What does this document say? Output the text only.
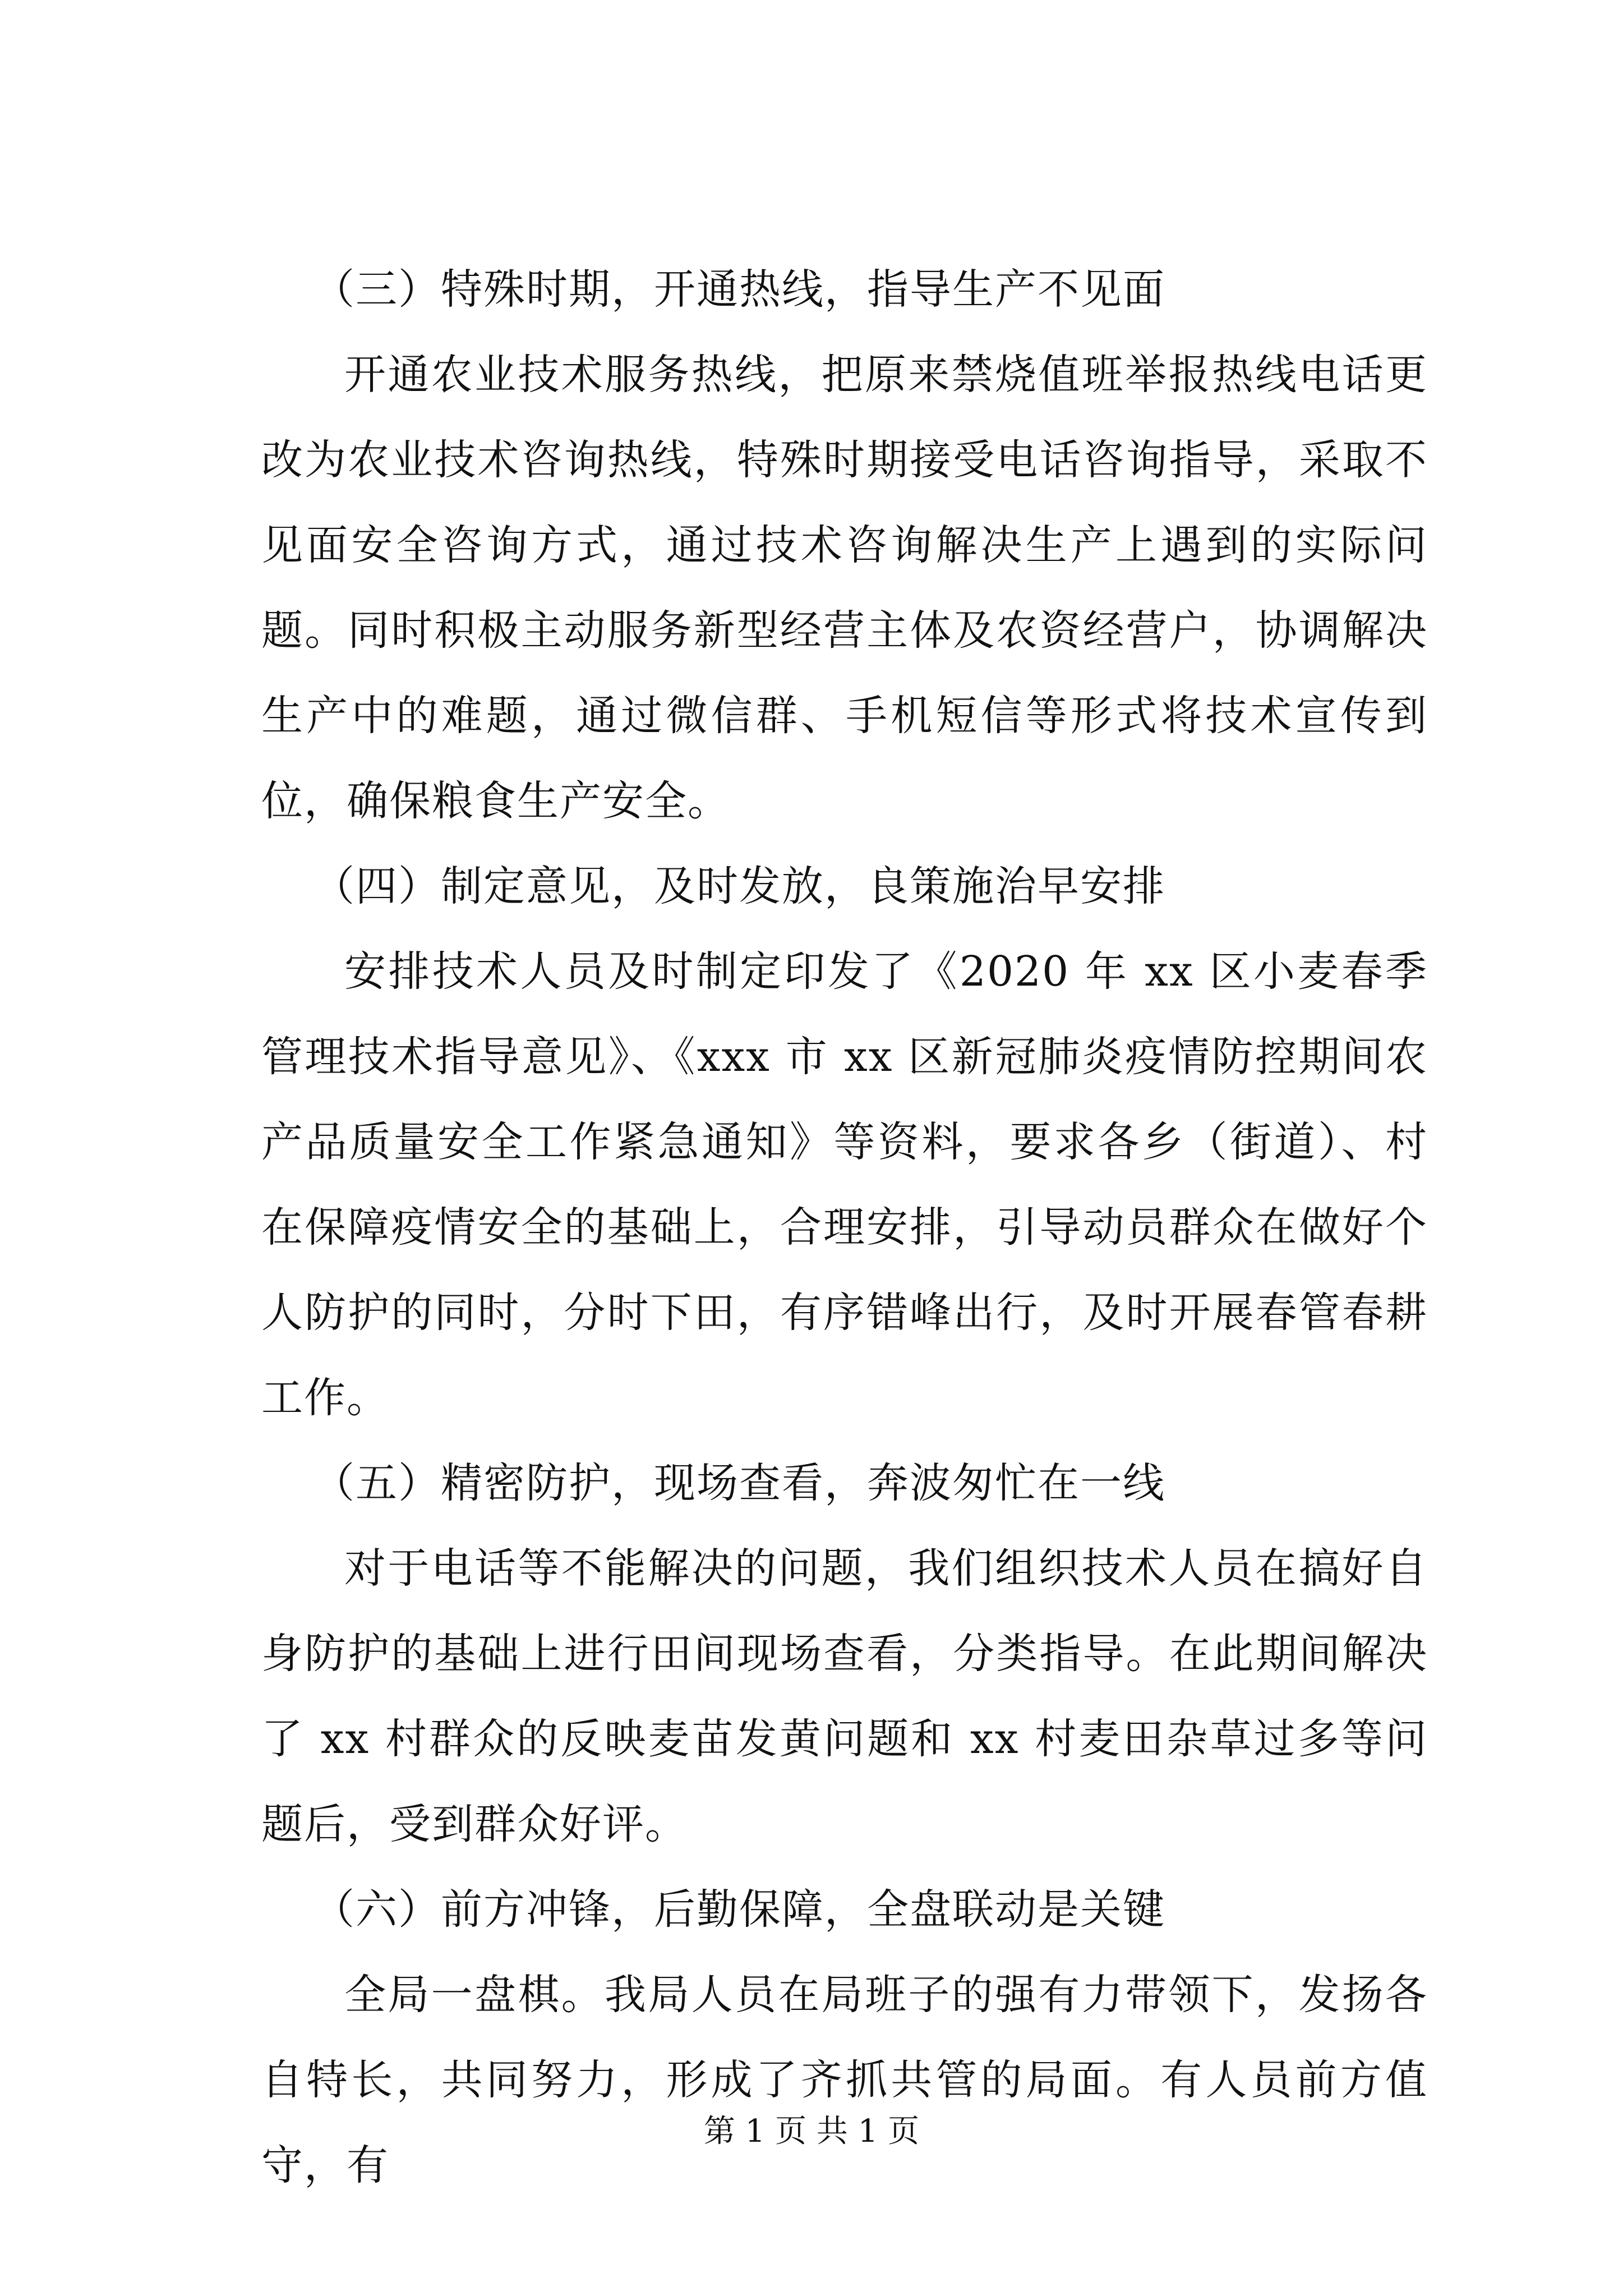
（三）特殊时期，开通热线，指导生产不见面

开通农业技术服务热线，把原来禁烧值班举报热线电话更改为农业技术咨询热线，特殊时期接受电话咨询指导，采取不见面安全咨询方式，通过技术咨询解决生产上遇到的实际问题。同时积极主动服务新型经营主体及农资经营户，协调解决生产中的难题，通过微信群、手机短信等形式将技术宣传到位，确保粮食生产安全。

（四）制定意见，及时发放，良策施治早安排

安排技术人员及时制定印发了《2020 年 xx 区小麦春季管理技术指导意见》、《xxx 市 xx 区新冠肺炎疫情防控期间农产品质量安全工作紧急通知》等资料，要求各乡（街道）、村在保障疫情安全的基础上，合理安排，引导动员群众在做好个人防护的同时，分时下田，有序错峰出行，及时开展春管春耕工作。

（五）精密防护，现场查看，奔波匆忙在一线

对于电话等不能解决的问题，我们组织技术人员在搞好自身防护的基础上进行田间现场查看，分类指导。在此期间解决了 xx 村群众的反映麦苗发黄问题和 xx 村麦田杂草过多等问题后，受到群众好评。

（六）前方冲锋，后勤保障，全盘联动是关键

全局一盘棋。我局人员在局班子的强有力带领下，发扬各自特长，共同努力，形成了齐抓共管的局面。有人员前方值守，有

第 1 页 共 1 页
